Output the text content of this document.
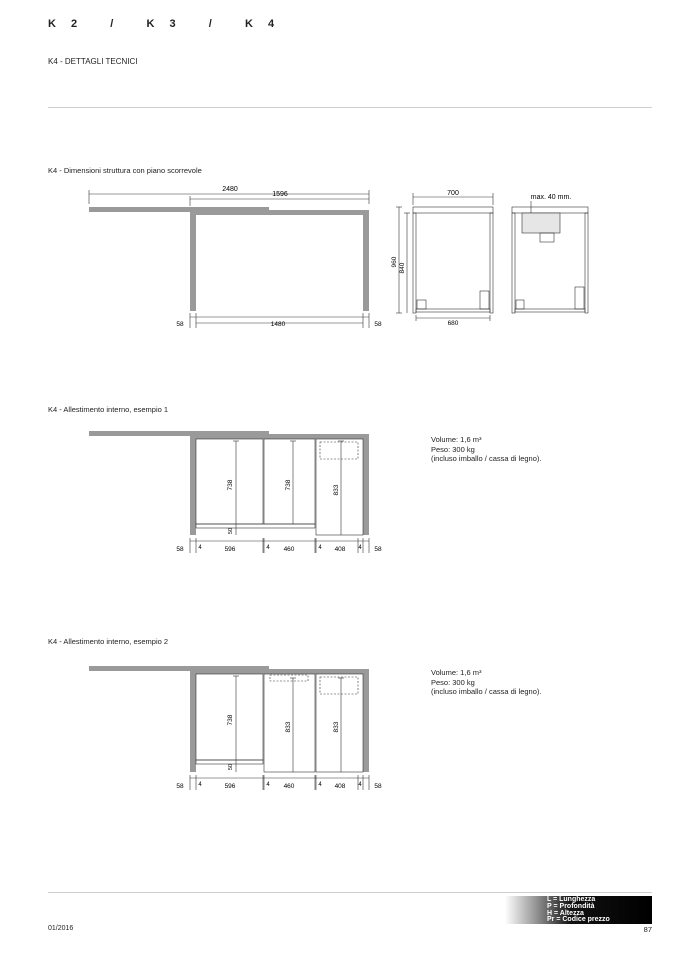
K 2   /   K 3   /   K 4
K4 - DETTAGLI TECNICI
K4 - Dimensioni struttura con piano scorrevole
2480
1596
58	1480	58
700
960
840
680
max. 40 mm.
K4 - Allestimento interno, esempio 1
738	738	833
50
58 4	596	4 460	4 408 4 58
Volume: 1,6 m³
Peso: 300 kg
(incluso imballo / cassa di legno).
K4 - Allestimento interno, esempio 2
738
833	833
50
58 4	596	4 460	4 408 4 58
Volume: 1,6 m³
Peso: 300 kg
(incluso imballo / cassa di legno).
L = Lunghezza
P = Profondità
H = Altezza
Pr = Codice prezzo
01/2016	87
